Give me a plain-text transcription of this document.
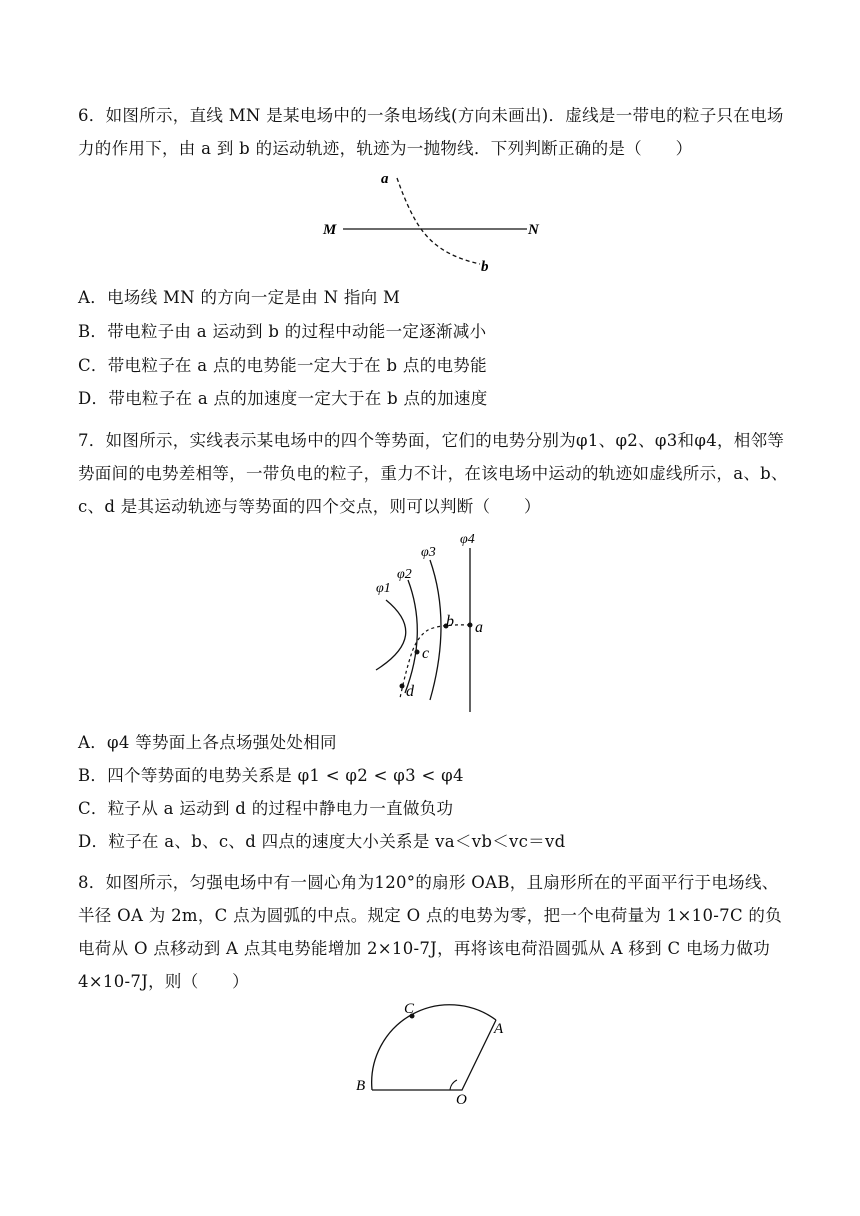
6．如图所示，直线 MN 是某电场中的一条电场线(方向未画出)．虚线是一带电的粒子只在电场力的作用下，由 a 到 b 的运动轨迹，轨迹为一抛物线．下列判断正确的是（　　）
a
b
M	N
A．电场线 MN 的方向一定是由 N 指向 M
B．带电粒子由 a 运动到 b 的过程中动能一定逐渐减小
C．带电粒子在 a 点的电势能一定大于在 b 点的电势能
D．带电粒子在 a 点的加速度一定大于在 b 点的加速度
7．如图所示，实线表示某电场中的四个等势面，它们的电势分别为φ1、φ2、φ3和φ4，相邻等势面间的电势差相等，一带负电的粒子，重力不计，在该电场中运动的轨迹如虚线所示，a、b、c、d 是其运动轨迹与等势面的四个交点，则可以判断（　　）
φ1
φ2
φ3
φ4
a
b
c
d
A．φ4 等势面上各点场强处处相同
B．四个等势面的电势关系是 φ1 < φ2 < φ3 < φ4
C．粒子从 a 运动到 d 的过程中静电力一直做负功
D．粒子在 a、b、c、d 四点的速度大小关系是 va＜vb＜vc＝vd
8．如图所示，匀强电场中有一圆心角为120°的扇形 OAB，且扇形所在的平面平行于电场线、半径 OA 为 2m，C 点为圆弧的中点。规定 O 点的电势为零，把一个电荷量为 1×10-7C 的负电荷从 O 点移动到 A 点其电势能增加 2×10-7J，再将该电荷沿圆弧从 A 移到 C 电场力做功 4×10-7J，则（　　）
C
A
B
O
